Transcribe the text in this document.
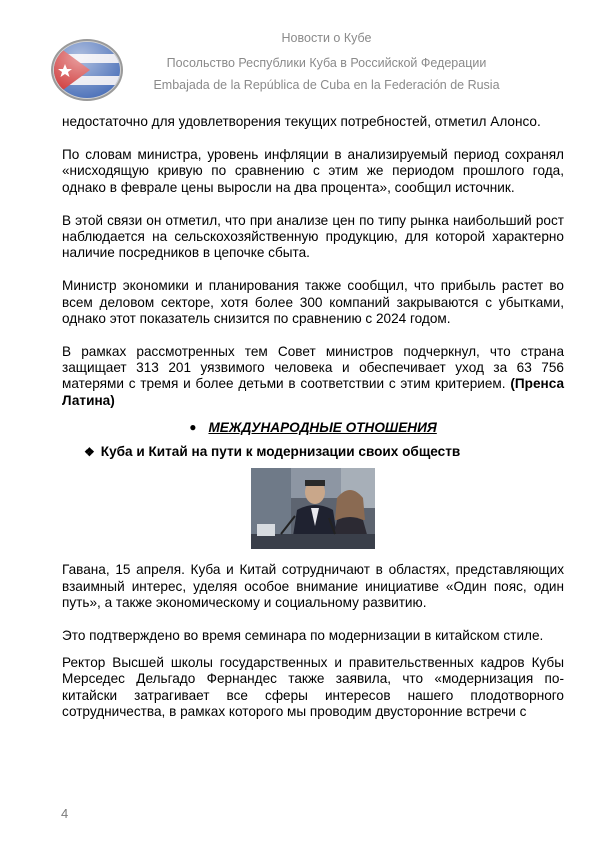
Новости о Кубе
Посольство Республики Куба в Российской Федерации
Embajada de la República de Cuba en la Federación de Rusia

недостаточно для удовлетворения текущих потребностей, отметил Алонсо.

По словам министра, уровень инфляции в анализируемый период сохранял «нисходящую кривую по сравнению с этим же периодом прошлого года, однако в феврале цены выросли на два процента», сообщил источник.

В этой связи он отметил, что при анализе цен по типу рынка наибольший рост наблюдается на сельскохозяйственную продукцию, для которой характерно наличие посредников в цепочке сбыта.

Министр экономики и планирования также сообщил, что прибыль растет во всем деловом секторе, хотя более 300 компаний закрываются с убытками, однако этот показатель снизится по сравнению с 2024 годом.

В рамках рассмотренных тем Совет министров подчеркнул, что страна защищает 313 201 уязвимого человека и обеспечивает уход за 63 756 матерями с тремя и более детьми в соответствии с этим критерием. (Пренса Латина)

● МЕЖДУНАРОДНЫЕ ОТНОШЕНИЯ
❖ Куба и Китай на пути к модернизации своих обществ

Гавана, 15 апреля. Куба и Китай сотрудничают в областях, представляющих взаимный интерес, уделяя особое внимание инициативе «Один пояс, один путь», а также экономическому и социальному развитию.

Это подтверждено во время семинара по модернизации в китайском стиле.

Ректор Высшей школы государственных и правительственных кадров Кубы Мерседес Дельгадо Фернандес также заявила, что «модернизация по-китайски затрагивает все сферы интересов нашего плодотворного сотрудничества, в рамках которого мы проводим двусторонние встречи с

4
